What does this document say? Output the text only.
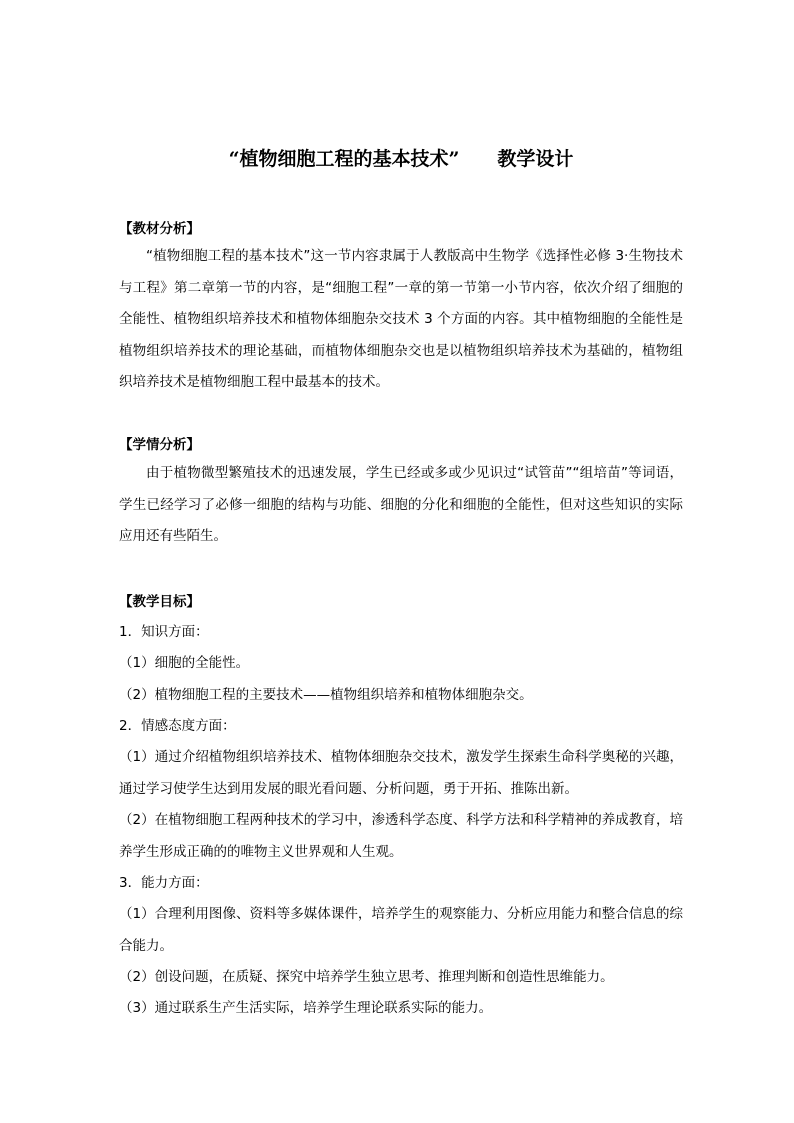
“植物细胞工程的基本技术”　　教学设计
【教材分析】
“植物细胞工程的基本技术”这一节内容隶属于人教版高中生物学《选择性必修 3·生物技术与工程》第二章第一节的内容，是“细胞工程”一章的第一节第一小节内容，依次介绍了细胞的全能性、植物组织培养技术和植物体细胞杂交技术 3 个方面的内容。其中植物细胞的全能性是植物组织培养技术的理论基础，而植物体细胞杂交也是以植物组织培养技术为基础的，植物组织培养技术是植物细胞工程中最基本的技术。
【学情分析】
由于植物微型繁殖技术的迅速发展，学生已经或多或少见识过“试管苗”“组培苗”等词语，学生已经学习了必修一细胞的结构与功能、细胞的分化和细胞的全能性，但对这些知识的实际应用还有些陌生。
【教学目标】
1．知识方面：
（1）细胞的全能性。
（2）植物细胞工程的主要技术——植物组织培养和植物体细胞杂交。
2．情感态度方面：
（1）通过介绍植物组织培养技术、植物体细胞杂交技术，激发学生探索生命科学奥秘的兴趣，通过学习使学生达到用发展的眼光看问题、分析问题，勇于开拓、推陈出新。
（2）在植物细胞工程两种技术的学习中，渗透科学态度、科学方法和科学精神的养成教育，培养学生形成正确的的唯物主义世界观和人生观。
3．能力方面：
（1）合理利用图像、资料等多媒体课件，培养学生的观察能力、分析应用能力和整合信息的综合能力。
（2）创设问题，在质疑、探究中培养学生独立思考、推理判断和创造性思维能力。
（3）通过联系生产生活实际，培养学生理论联系实际的能力。
